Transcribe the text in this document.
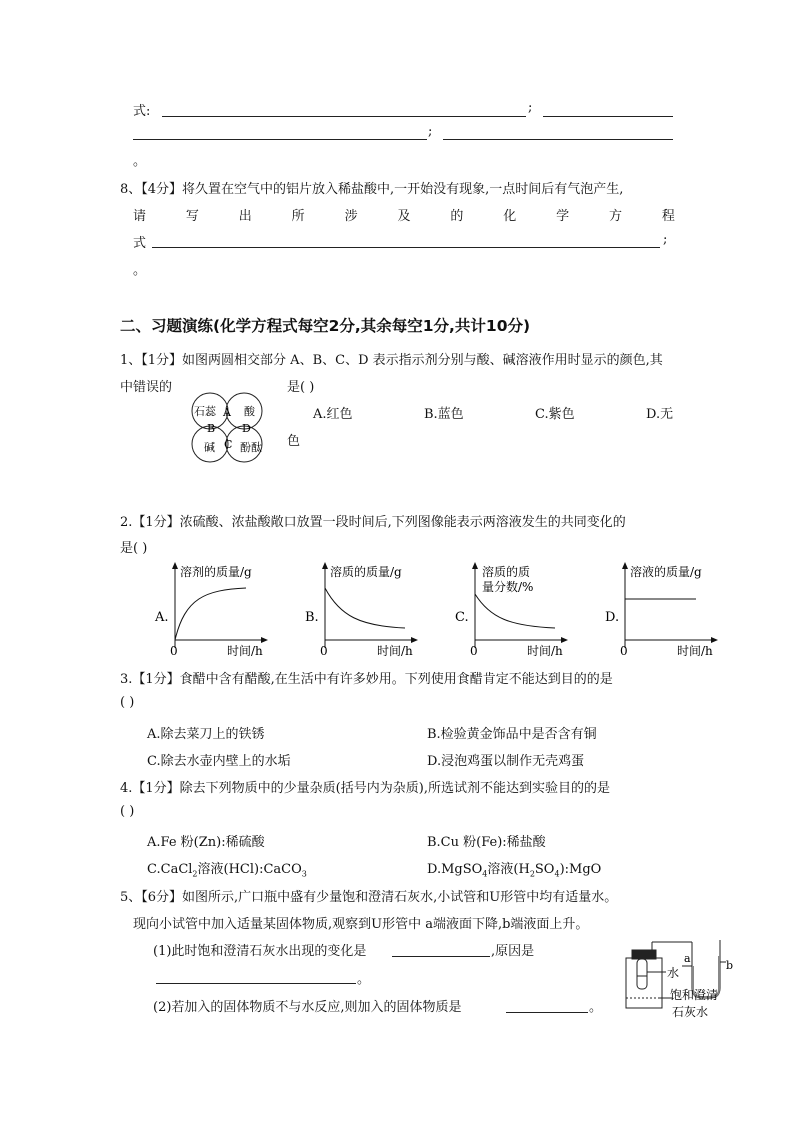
式:	;
;
。
8、【4分】将久置在空气中的铝片放入稀盐酸中,一开始没有现象,一点时间后有气泡产生,
请	写	出	所	涉	及	的	化	学	方	程
式	;
。
二、习题演练(化学方程式每空2分,其余每空1分,共计10分)
1、【1分】如图两圆相交部分 A、B、C、D 表示指示剂分别与酸、碱溶液作用时显示的颜色,其
中错误的	是( )
石蕊	酸
碱 酚酞
A
B D
C
A.红色	B.蓝色	C.紫色	D.无
色
2.【1分】浓硫酸、浓盐酸敞口放置一段时间后,下列图像能表示两溶液发生的共同变化的
是( )
溶剂的质量/g
A.
0	时间/h
溶质的质量/g
B.
0	时间/h
溶质的质
量分数/%
C.
0	时间/h
溶液的质量/g
D.
0	时间/h
3.【1分】食醋中含有醋酸,在生活中有许多妙用。下列使用食醋肯定不能达到目的的是
( )
A.除去菜刀上的铁锈	B.检验黄金饰品中是否含有铜
C.除去水壶内壁上的水垢	D.浸泡鸡蛋以制作无壳鸡蛋
4.【1分】除去下列物质中的少量杂质(括号内为杂质),所选试剂不能达到实验目的的是
( )
A.Fe 粉(Zn):稀硫酸	B.Cu 粉(Fe):稀盐酸
C.CaCl$_2$溶液(HCl):CaCO$_3$	D.MgSO$_4$溶液$(H_2SO_4):MgO$
5、【6分】如图所示,广口瓶中盛有少量饱和澄清石灰水,小试管和U形管中均有适量水。
现向小试管中加入适量某固体物质,观察到U形管中 a端液面下降,b端液面上升。
(1)此时饱和澄清石灰水出现的变化是	,原因是
。
(2)若加入的固体物质不与水反应,则加入的固体物质是	。
a
b
水
饱和澄清
石灰水
